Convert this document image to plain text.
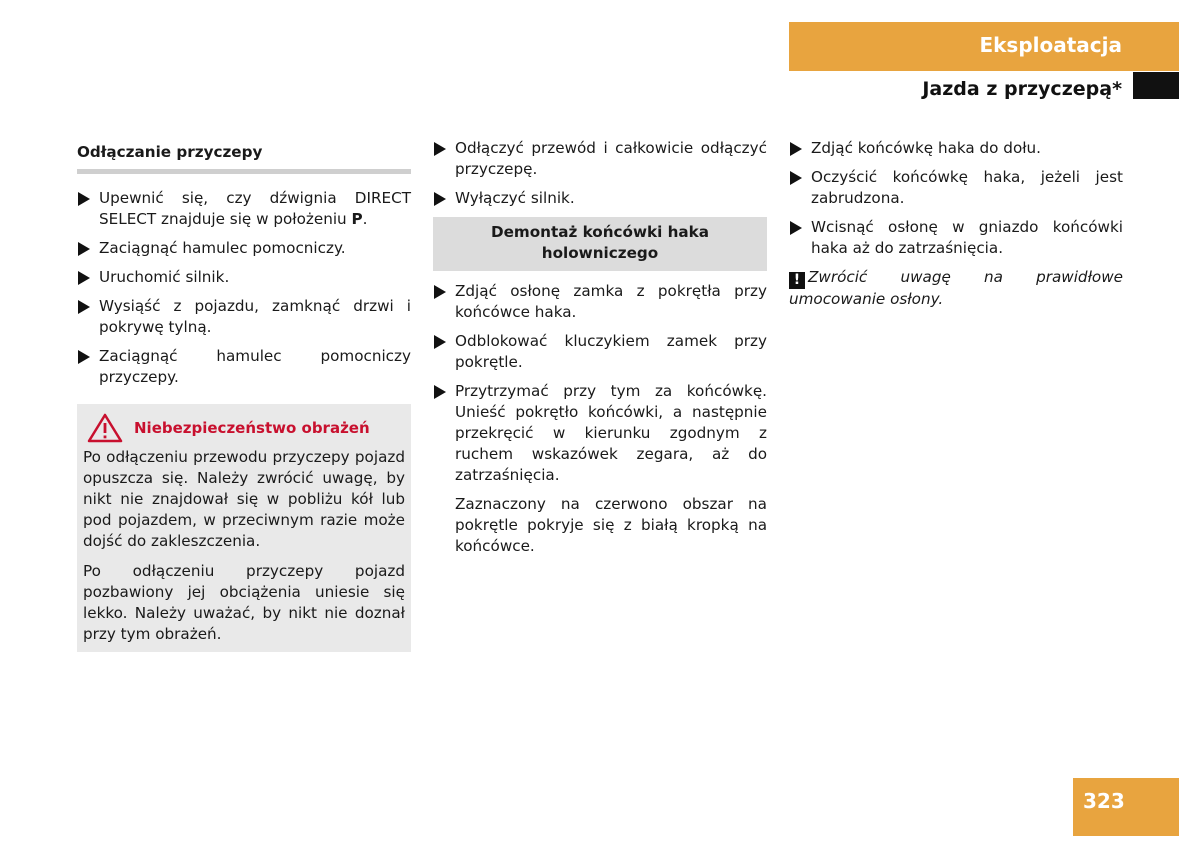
Eksploatacja
Jazda z przyczepą*
Odłączanie przyczepy
Upewnić się, czy dźwignia DIRECT SELECT znajduje się w położeniu P.
Zaciągnąć hamulec pomocniczy.
Uruchomić silnik.
Wysiąść z pojazdu, zamknąć drzwi i pokrywę tylną.
Zaciągnąć hamulec pomocniczy przyczepy.
Niebezpieczeństwo obrażeń

Po odłączeniu przewodu przyczepy pojazd opuszcza się. Należy zwrócić uwagę, by nikt nie znajdował się w pobliżu kół lub pod pojazdem, w przeciwnym razie może dojść do zakleszczenia.

Po odłączeniu przyczepy pojazd pozbawiony jej obciążenia uniesie się lekko. Należy uważać, by nikt nie doznał przy tym obrażeń.

Odłączyć przewód i całkowicie odłączyć przyczepę.
Wyłączyć silnik.
Demontaż końcówki haka holowniczego
Zdjąć osłonę zamka z pokrętła przy końcówce haka.
Odblokować kluczykiem zamek przy pokrętle.
Przytrzymać przy tym za końcówkę. Unieść pokrętło końcówki, a następnie przekręcić w kierunku zgodnym z ruchem wskazówek zegara, aż do zatrzaśnięcia.
Zaznaczony na czerwono obszar na pokrętle pokryje się z białą kropką na końcówce.
Zdjąć końcówkę haka do dołu.
Oczyścić końcówkę haka, jeżeli jest zabrudzona.
Wcisnąć osłonę w gniazdo końcówki haka aż do zatrzaśnięcia.
! Zwrócić uwagę na prawidłowe umocowanie osłony.
323
